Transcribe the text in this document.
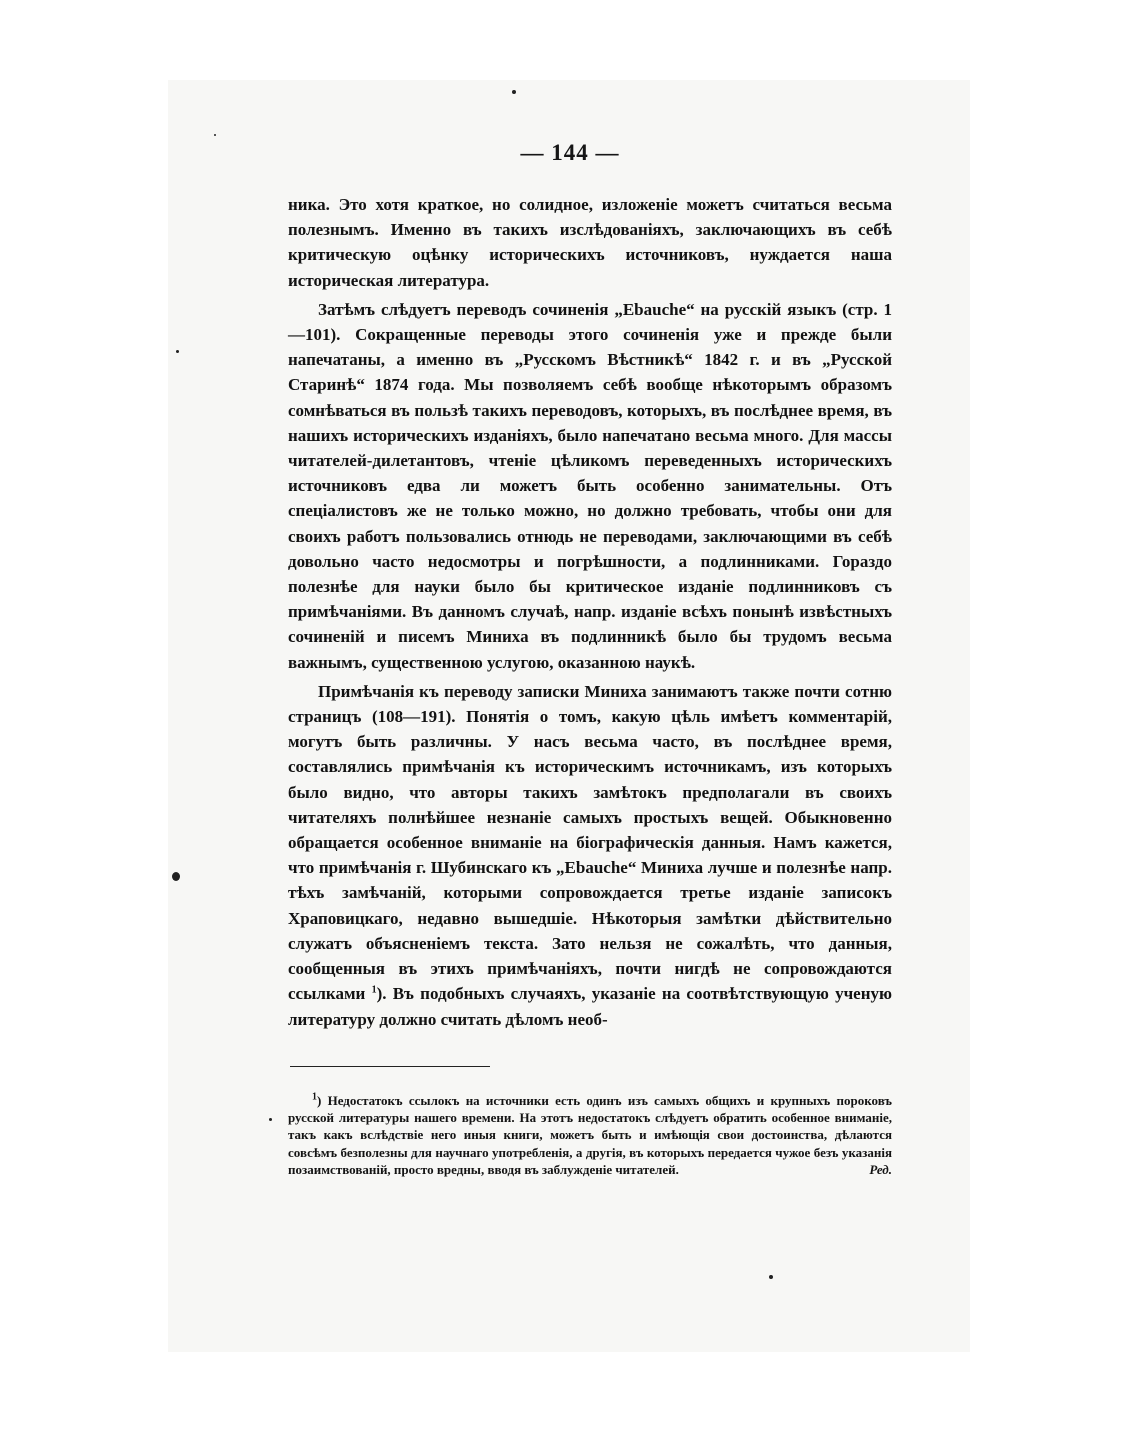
— 144 —

ника. Это хотя краткое, но солидное, изложеніе можетъ считаться весьма полезнымъ. Именно въ такихъ изслѣдованіяхъ, заключающихъ въ себѣ критическую оцѣнку историческихъ источниковъ, нуждается наша историческая литература.

Затѣмъ слѣдуетъ переводъ сочиненія „Ebauche“ на русскій языкъ (стр. 1—101). Сокращенные переводы этого сочиненія уже и прежде были напечатаны, а именно въ „Русскомъ Вѣстникѣ“ 1842 г. и въ „Русской Старинѣ“ 1874 года. Мы позволяемъ себѣ вообще нѣкоторымъ образомъ сомнѣваться въ пользѣ такихъ переводовъ, которыхъ, въ послѣднее время, въ нашихъ историческихъ изданіяхъ, было напечатано весьма много. Для массы читателей-дилетантовъ, чтеніе цѣликомъ переведенныхъ историческихъ источниковъ едва ли можетъ быть особенно занимательны. Отъ спеціалистовъ же не только можно, но должно требовать, чтобы они для своихъ работъ пользовались отнюдь не переводами, заключающими въ себѣ довольно часто недосмотры и погрѣшности, а подлинниками. Гораздо полезнѣе для науки было бы критическое изданіе подлинниковъ съ примѣчаніями. Въ данномъ случаѣ, напр. изданіе всѣхъ понынѣ извѣстныхъ сочиненій и писемъ Миниха въ подлинникѣ было бы трудомъ весьма важнымъ, существенною услугою, оказанною наукѣ.

Примѣчанія къ переводу записки Миниха занимаютъ также почти сотню страницъ (108—191). Понятія о томъ, какую цѣль имѣетъ комментарій, могутъ быть различны. У насъ весьма часто, въ послѣднее время, составлялись примѣчанія къ историческимъ источникамъ, изъ которыхъ было видно, что авторы такихъ замѣтокъ предполагали въ своихъ читателяхъ полнѣйшее незнаніе самыхъ простыхъ вещей. Обыкновенно обращается особенное вниманіе на біографическія данныя. Намъ кажется, что примѣчанія г. Шубинскаго къ „Ebauche“ Миниха лучше и полезнѣе напр. тѣхъ замѣчаній, которыми сопровождается третье изданіе записокъ Храповицкаго, недавно вышедшіе. Нѣкоторыя замѣтки дѣйствительно служатъ объясненіемъ текста. Зато нельзя не сожалѣть, что данныя, сообщенныя въ этихъ примѣчаніяхъ, почти нигдѣ не сопровождаются ссылками $^1$). Въ подобныхъ случаяхъ, указаніе на соотвѣтствующую ученую литературу должно считать дѣломъ необ-

$^1$) Недостатокъ ссылокъ на источники есть одинъ изъ самыхъ общихъ и крупныхъ пороковъ русской литературы нашего времени. На этотъ недостатокъ слѣдуетъ обратить особенное вниманіе, такъ какъ вслѣдствіе него иныя книги, можетъ быть и имѣющія свои достоинства, дѣлаются совсѣмъ безполезны для научнаго употребленія, а другія, въ которыхъ передается чужое безъ указанія позаимствованій, просто вредны, вводя въ заблужденіе читателей.	Ред.
